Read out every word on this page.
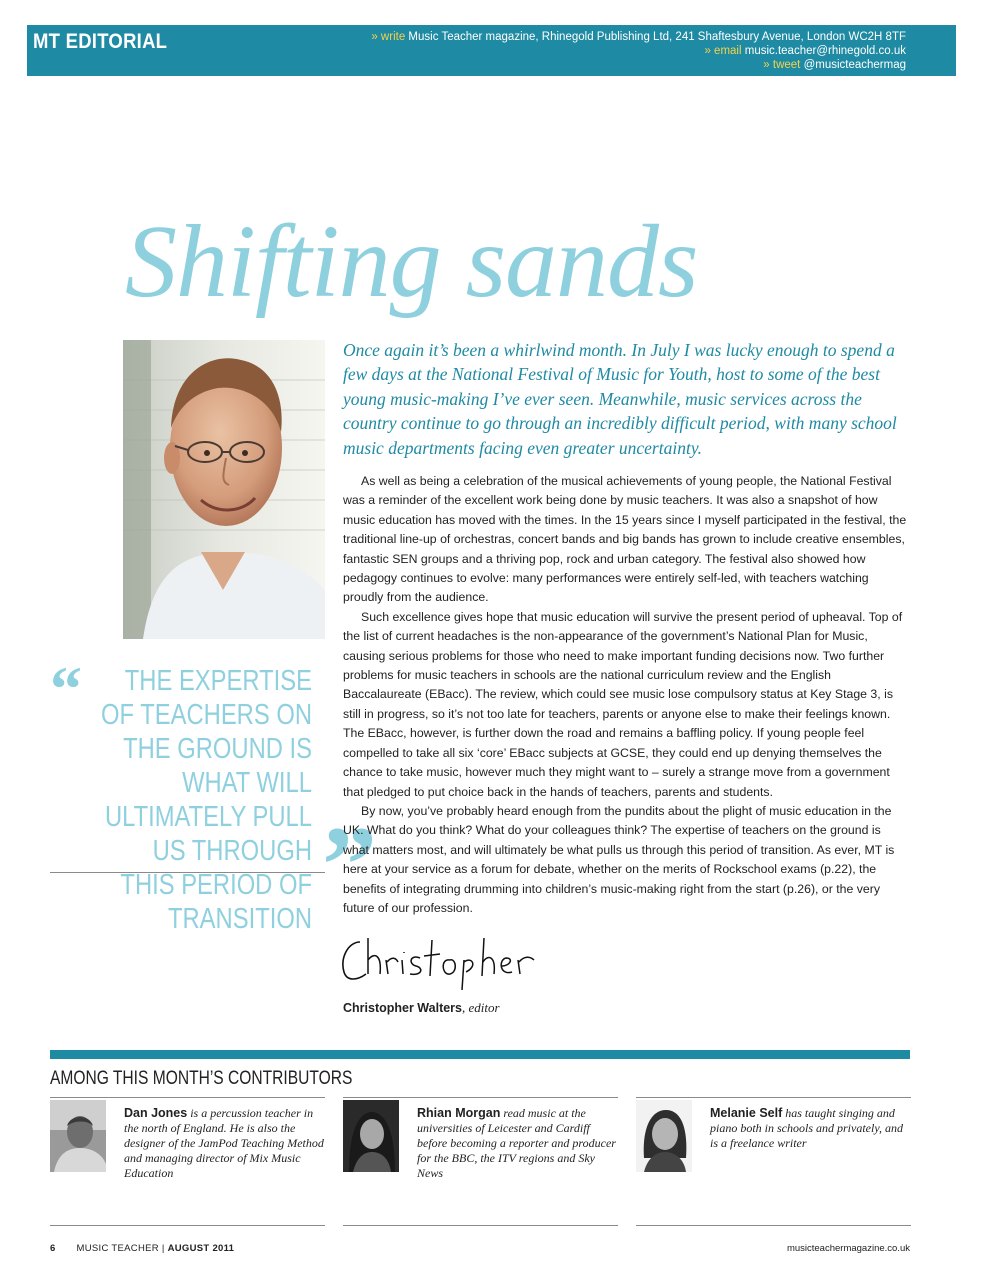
MT EDITORIAL	» write Music Teacher magazine, Rhinegold Publishing Ltd, 241 Shaftesbury Avenue, London WC2H 8TF
» email music.teacher@rhinegold.co.uk
» tweet @musicteachermag
Shifting sands
“	THE EXPERTISE OF TEACHERS ON THE GROUND IS WHAT WILL ULTIMATELY PULL US THROUGH THIS PERIOD OF TRANSITION ”
Once again it’s been a whirlwind month. In July I was lucky enough to spend a few days at the National Festival of Music for Youth, host to some of the best young music-making I’ve ever seen. Meanwhile, music services across the country continue to go through an incredibly difficult period, with many school music departments facing even greater uncertainty.

As well as being a celebration of the musical achievements of young people, the National Festival was a reminder of the excellent work being done by music teachers. It was also a snapshot of how music education has moved with the times. In the 15 years since I myself participated in the festival, the traditional line-up of orchestras, concert bands and big bands has grown to include creative ensembles, fantastic SEN groups and a thriving pop, rock and urban category. The festival also showed how pedagogy continues to evolve: many performances were entirely self-led, with teachers watching proudly from the audience.

Such excellence gives hope that music education will survive the present period of upheaval. Top of the list of current headaches is the non-appearance of the government’s National Plan for Music, causing serious problems for those who need to make important funding decisions now. Two further problems for music teachers in schools are the national curriculum review and the English Baccalaureate (EBacc). The review, which could see music lose compulsory status at Key Stage 3, is still in progress, so it’s not too late for teachers, parents or anyone else to make their feelings known. The EBacc, however, is further down the road and remains a baffling policy. If young people feel compelled to take all six ‘core’ EBacc subjects at GCSE, they could end up denying themselves the chance to take music, however much they might want to – surely a strange move from a government that pledged to put choice back in the hands of teachers, parents and students.

By now, you’ve probably heard enough from the pundits about the plight of music education in the UK. What do you think? What do your colleagues think? The expertise of teachers on the ground is what matters most, and will ultimately be what pulls us through this period of transition. As ever, MT is here at your service as a forum for debate, whether on the merits of Rockschool exams (p.22), the benefits of integrating drumming into children’s music-making right from the start (p.26), or the very future of our profession.

Christopher Walters, editor
AMONG THIS MONTH’S CONTRIBUTORS
Dan Jones is a percussion teacher in the north of England. He is also the designer of the JamPod Teaching Method and managing director of Mix Music Education
Rhian Morgan read music at the universities of Leicester and Cardiff before becoming a reporter and producer for the BBC, the ITV regions and Sky News
Melanie Self has taught singing and piano both in schools and privately, and is a freelance writer
6 MUSIC TEACHER | AUGUST 2011	musicteachermagazine.co.uk
